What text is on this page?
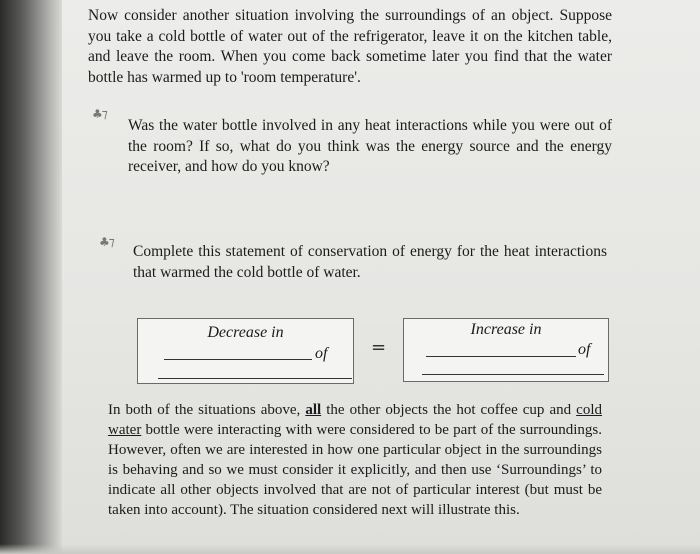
Now consider another situation involving the surroundings of an object. Suppose you take a cold bottle of water out of the refrigerator, leave it on the kitchen table, and leave the room. When you come back sometime later you find that the water bottle has warmed up to 'room temperature'.

♣⁊

Was the water bottle involved in any heat interactions while you were out of the room? If so, what do you think was the energy source and the energy receiver, and how do you know?

♣⁊

Complete this statement of conservation of energy for the heat interactions that warmed the cold bottle of water.

Decrease in
of =
Increase in
of

In both of the situations above, all the other objects the hot coffee cup and cold water bottle were interacting with were considered to be part of the surroundings. However, often we are interested in how one particular object in the surroundings is behaving and so we must consider it explicitly, and then use ‘Surroundings’ to indicate all other objects involved that are not of particular interest (but must be taken into account). The situation considered next will illustrate this.
